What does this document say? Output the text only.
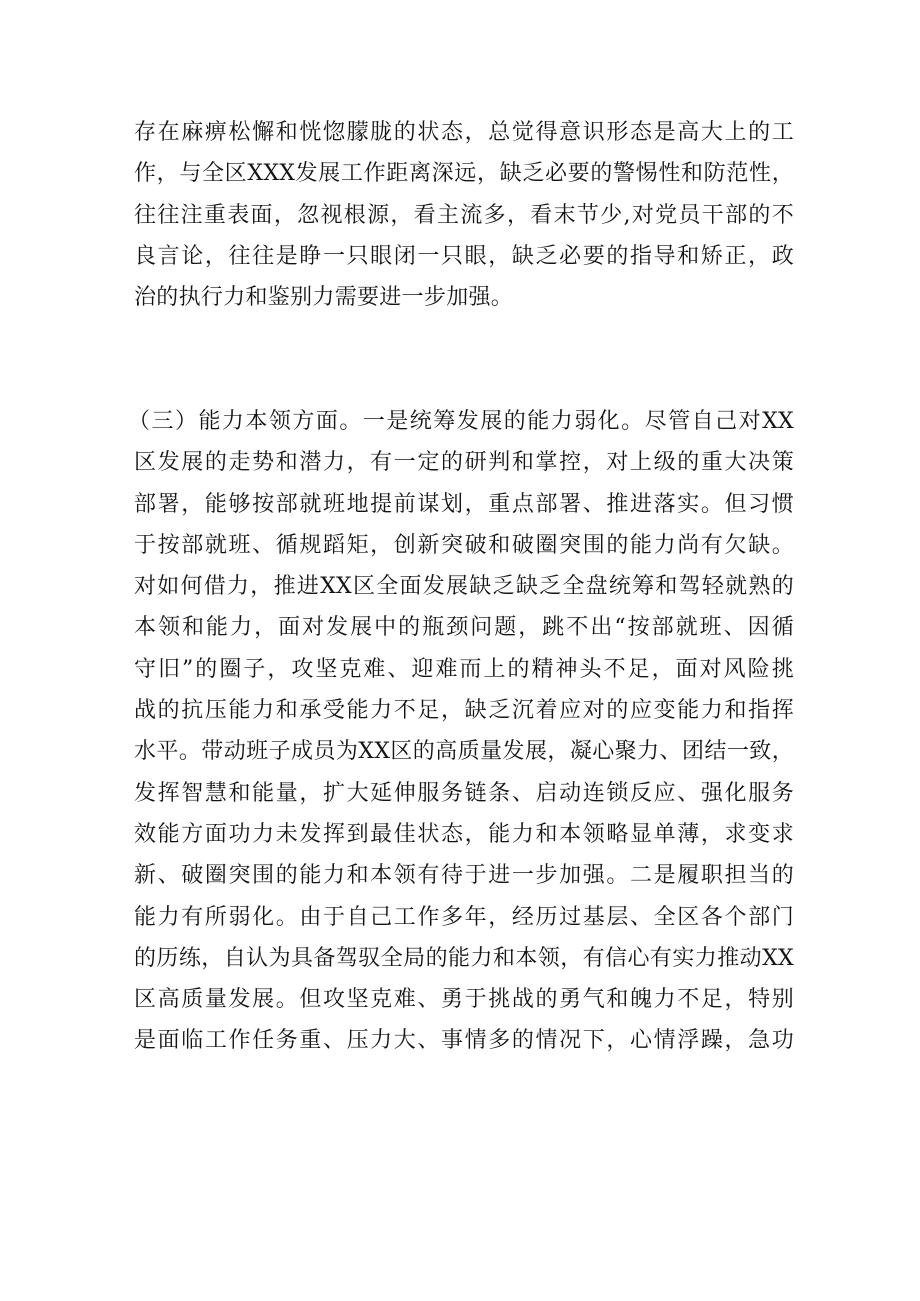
存在麻痹松懈和恍惚朦胧的状态，总觉得意识形态是高大上的工
作，与全区XXX发展工作距离深远，缺乏必要的警惕性和防范性，
往往注重表面，忽视根源，看主流多，看末节少,对党员干部的不
良言论，往往是睁一只眼闭一只眼，缺乏必要的指导和矫正，政
治的执行力和鉴别力需要进一步加强。
（三）能力本领方面。一是统筹发展的能力弱化。尽管自己对XX
区发展的走势和潜力，有一定的研判和掌控，对上级的重大决策
部署，能够按部就班地提前谋划，重点部署、推进落实。但习惯
于按部就班、循规蹈矩，创新突破和破圈突围的能力尚有欠缺。
对如何借力，推进XX区全面发展缺乏缺乏全盘统筹和驾轻就熟的
本领和能力，面对发展中的瓶颈问题，跳不出“按部就班、因循
守旧”的圈子，攻坚克难、迎难而上的精神头不足，面对风险挑
战的抗压能力和承受能力不足，缺乏沉着应对的应变能力和指挥
水平。带动班子成员为XX区的高质量发展，凝心聚力、团结一致，
发挥智慧和能量，扩大延伸服务链条、启动连锁反应、强化服务
效能方面功力未发挥到最佳状态，能力和本领略显单薄，求变求
新、破圈突围的能力和本领有待于进一步加强。二是履职担当的
能力有所弱化。由于自己工作多年，经历过基层、全区各个部门
的历练，自认为具备驾驭全局的能力和本领，有信心有实力推动XX
区高质量发展。但攻坚克难、勇于挑战的勇气和魄力不足，特别
是面临工作任务重、压力大、事情多的情况下，心情浮躁，急功
